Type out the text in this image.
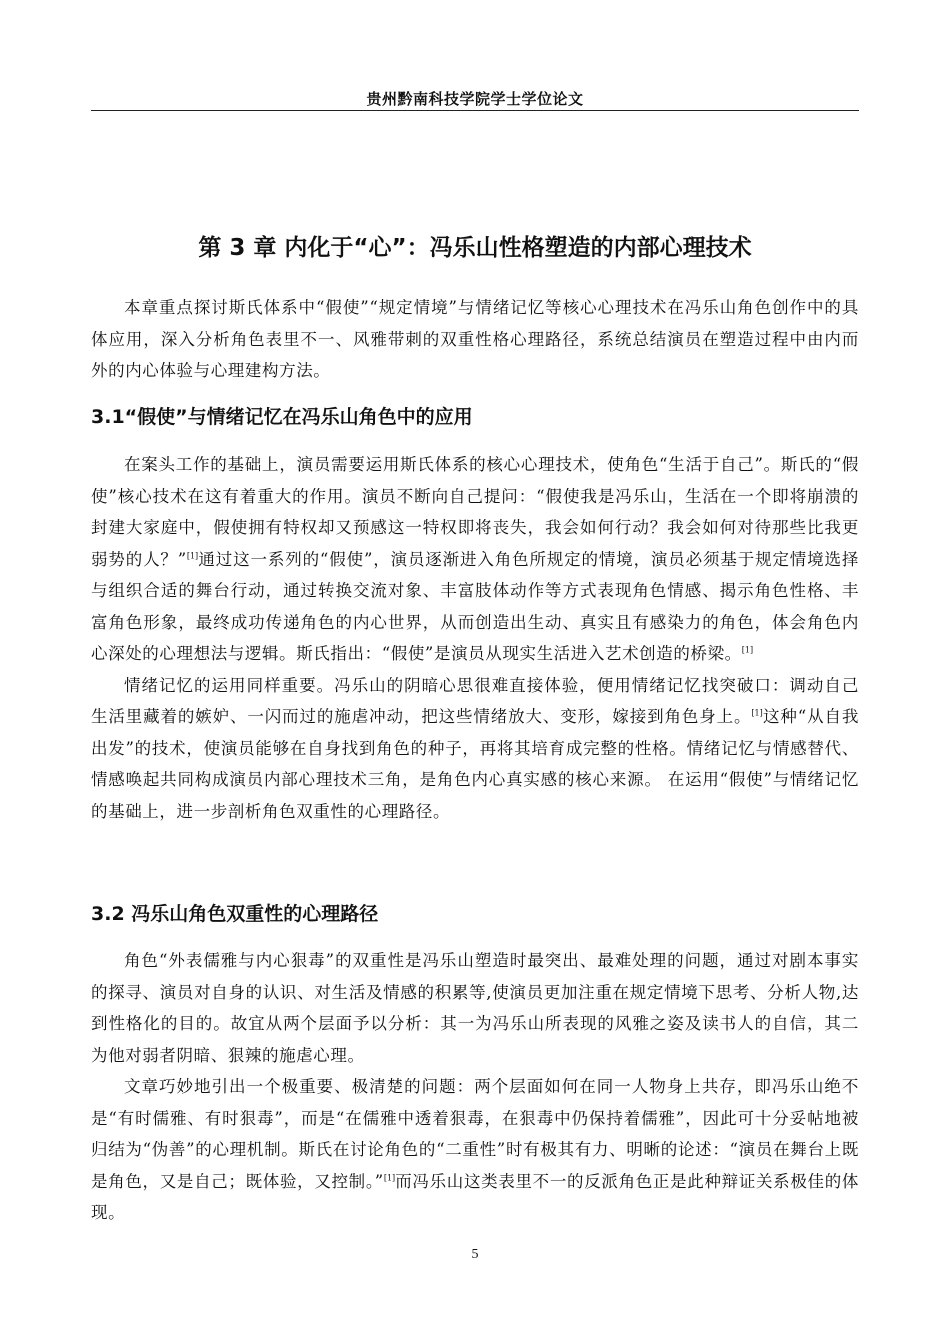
贵州黔南科技学院学士学位论文
第 3 章 内化于“心”：冯乐山性格塑造的内部心理技术

本章重点探讨斯氏体系中“假使”“规定情境”与情绪记忆等核心心理技术在冯乐山角色创作中的具体应用，深入分析角色表里不一、风雅带刺的双重性格心理路径，系统总结演员在塑造过程中由内而外的内心体验与心理建构方法。

3.1“假使”与情绪记忆在冯乐山角色中的应用

在案头工作的基础上，演员需要运用斯氏体系的核心心理技术，使角色“生活于自己”。斯氏的“假使”核心技术在这有着重大的作用。演员不断向自己提问：“假使我是冯乐山，生活在一个即将崩溃的封建大家庭中，假使拥有特权却又预感这一特权即将丧失，我会如何行动？我会如何对待那些比我更弱势的人？”[1]通过这一系列的“假使”，演员逐渐进入角色所规定的情境，演员必须基于规定情境选择与组织合适的舞台行动，通过转换交流对象、丰富肢体动作等方式表现角色情感、揭示角色性格、丰富角色形象，最终成功传递角色的内心世界，从而创造出生动、真实且有感染力的角色，体会角色内心深处的心理想法与逻辑。斯氏指出：“假使”是演员从现实生活进入艺术创造的桥梁。[1]

情绪记忆的运用同样重要。冯乐山的阴暗心思很难直接体验，便用情绪记忆找突破口：调动自己生活里藏着的嫉妒、一闪而过的施虐冲动，把这些情绪放大、变形，嫁接到角色身上。[1]这种“从自我出发”的技术，使演员能够在自身找到角色的种子，再将其培育成完整的性格。情绪记忆与情感替代、情感唤起共同构成演员内部心理技术三角，是角色内心真实感的核心来源。 在运用“假使”与情绪记忆的基础上，进一步剖析角色双重性的心理路径。

3.2 冯乐山角色双重性的心理路径

角色“外表儒雅与内心狠毒”的双重性是冯乐山塑造时最突出、最难处理的问题，通过对剧本事实的探寻、演员对自身的认识、对生活及情感的积累等,使演员更加注重在规定情境下思考、分析人物,达到性格化的目的。故宜从两个层面予以分析：其一为冯乐山所表现的风雅之姿及读书人的自信，其二为他对弱者阴暗、狠辣的施虐心理。

文章巧妙地引出一个极重要、极清楚的问题：两个层面如何在同一人物身上共存，即冯乐山绝不是“有时儒雅、有时狠毒”，而是“在儒雅中透着狠毒，在狠毒中仍保持着儒雅”，因此可十分妥帖地被归结为“伪善”的心理机制。斯氏在讨论角色的“二重性”时有极其有力、明晰的论述：“演员在舞台上既是角色，又是自己；既体验，又控制。”[1]而冯乐山这类表里不一的反派角色正是此种辩证关系极佳的体现。

5
